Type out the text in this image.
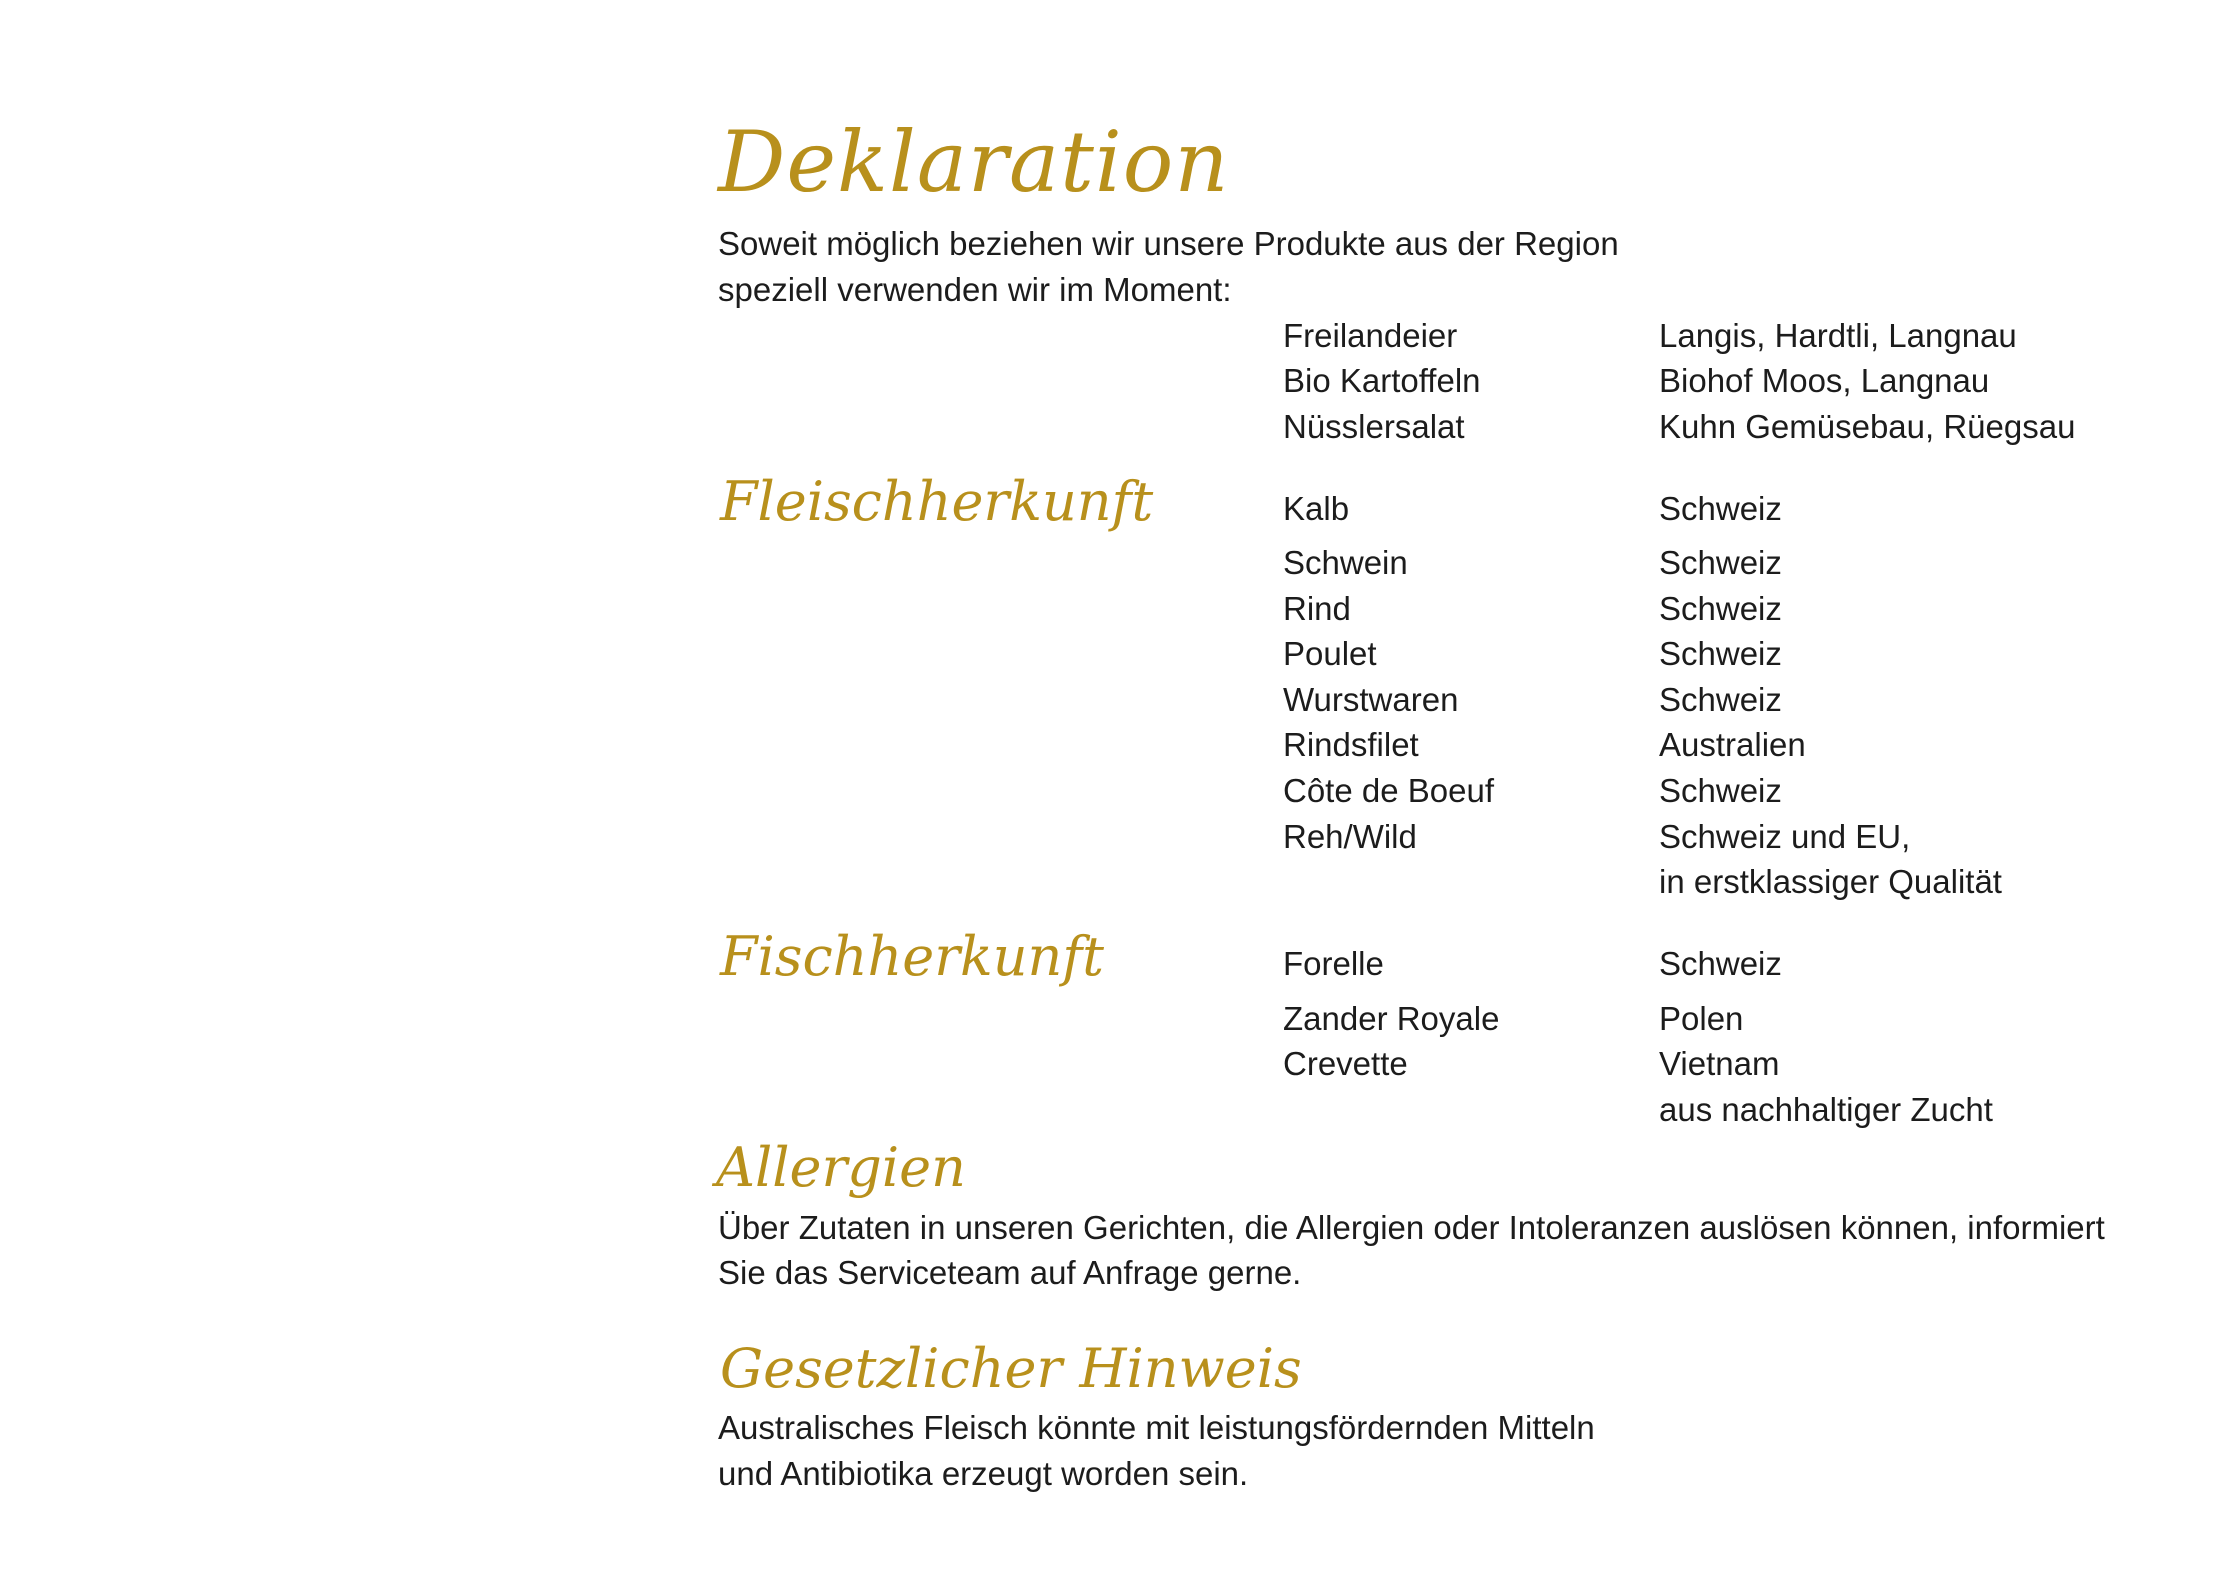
Deklaration

Soweit möglich beziehen wir unsere Produkte aus der Region

speziell verwenden wir im Moment:

Freilandeier	Langis, Hardtli, Langnau

Bio Kartoffeln	Biohof Moos, Langnau

Nüsslersalat	Kuhn Gemüsebau, Rüegsau

Fleischherkunft	Kalb	Schweiz

Schwein	Schweiz

Rind	Schweiz

Poulet	Schweiz

Wurstwaren	Schweiz

Rindsfilet	Australien

Côte de Boeuf	Schweiz

Reh/Wild	Schweiz und EU,

in erstklassiger Qualität

Fischherkunft	Forelle	Schweiz

Zander Royale	Polen

Crevette	Vietnam

aus nachhaltiger Zucht

Allergien

Über Zutaten in unseren Gerichten, die Allergien oder Intoleranzen auslösen können, informiert

Sie das Serviceteam auf Anfrage gerne.

Gesetzlicher Hinweis

Australisches Fleisch könnte mit leistungsfördernden Mitteln

und Antibiotika erzeugt worden sein.
